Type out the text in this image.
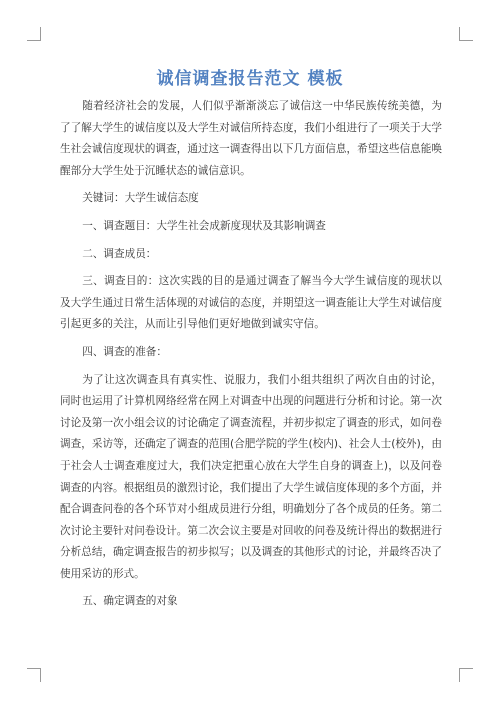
诚信调查报告范文 模板

随着经济社会的发展，人们似乎渐渐淡忘了诚信这一中华民族传统美德，为了了解大学生的诚信度以及大学生对诚信所持态度，我们小组进行了一项关于大学生社会诚信度现状的调查，通过这一调查得出以下几方面信息，希望这些信息能唤醒部分大学生处于沉睡状态的诚信意识。

关键词：大学生诚信态度

一、调查题目：大学生社会成新度现状及其影响调查

二、调查成员：

三、调查目的：这次实践的目的是通过调查了解当今大学生诚信度的现状以及大学生通过日常生活体现的对诚信的态度，并期望这一调查能让大学生对诚信度引起更多的关注，从而让引导他们更好地做到诚实守信。

四、调查的准备：

为了让这次调查具有真实性、说服力，我们小组共组织了两次自由的讨论，同时也运用了计算机网络经常在网上对调查中出现的问题进行分析和讨论。第一次讨论及第一次小组会议的讨论确定了调查流程，并初步拟定了调查的形式，如问卷调查，采访等，还确定了调查的范围(合肥学院的学生(校内)、社会人士(校外)，由于社会人士调查难度过大，我们决定把重心放在大学生自身的调查上)，以及问卷调查的内容。根据组员的激烈讨论，我们提出了大学生诚信度体现的多个方面，并配合调查问卷的各个环节对小组成员进行分组，明确划分了各个成员的任务。第二次讨论主要针对问卷设计。第二次会议主要是对回收的问卷及统计得出的数据进行分析总结，确定调查报告的初步拟写；以及调查的其他形式的讨论，并最终否决了使用采访的形式。

五、确定调查的对象
